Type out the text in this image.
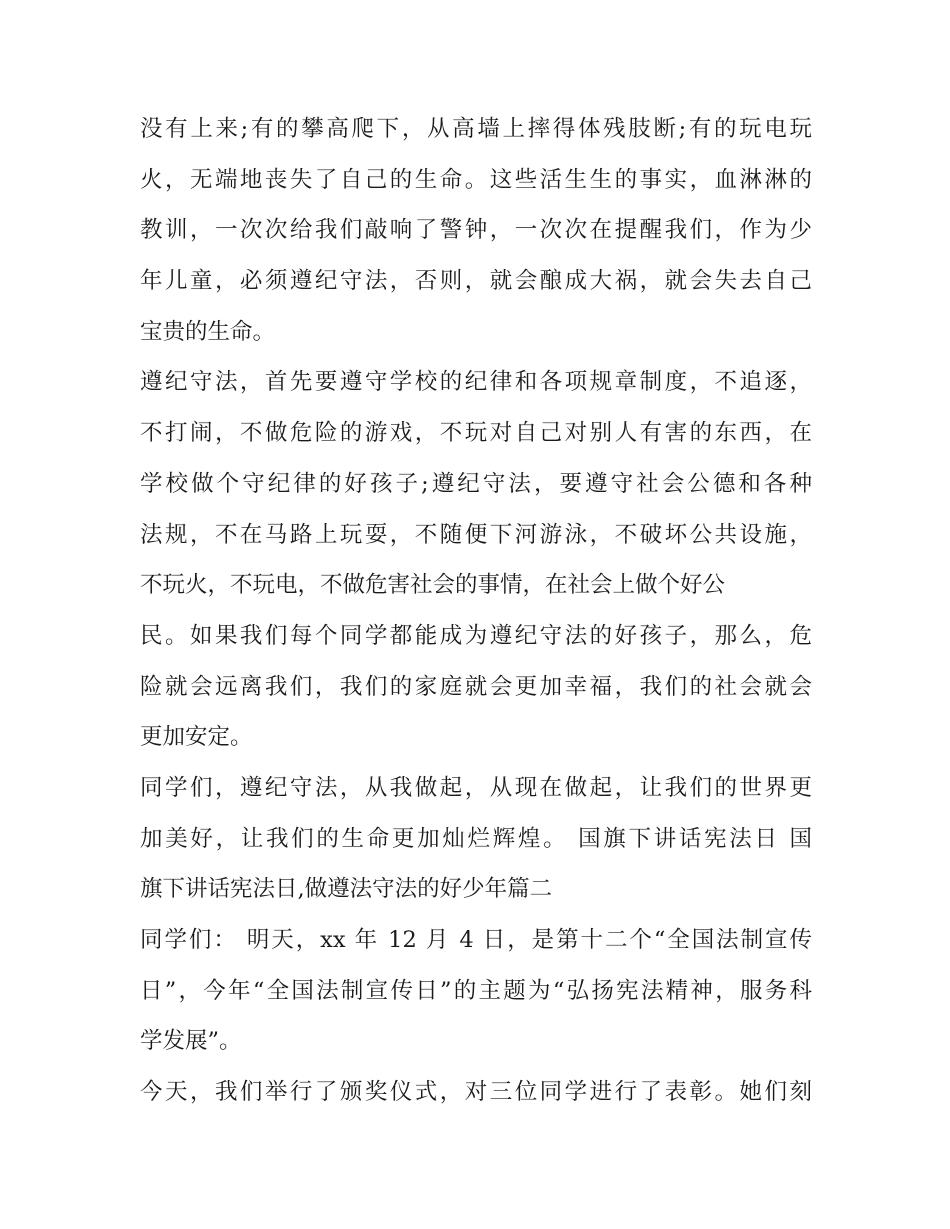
没有上来;有的攀高爬下，从高墙上摔得体残肢断;有的玩电玩
火，无端地丧失了自己的生命。这些活生生的事实，血淋淋的
教训，一次次给我们敲响了警钟，一次次在提醒我们，作为少
年儿童，必须遵纪守法，否则，就会酿成大祸，就会失去自己
宝贵的生命。
遵纪守法，首先要遵守学校的纪律和各项规章制度，不追逐，
不打闹，不做危险的游戏，不玩对自己对别人有害的东西，在
学校做个守纪律的好孩子;遵纪守法，要遵守社会公德和各种
法规，不在马路上玩耍，不随便下河游泳，不破坏公共设施，
不玩火，不玩电，不做危害社会的事情，在社会上做个好公
民。如果我们每个同学都能成为遵纪守法的好孩子，那么，危
险就会远离我们，我们的家庭就会更加幸福，我们的社会就会
更加安定。
同学们，遵纪守法，从我做起，从现在做起，让我们的世界更
加美好，让我们的生命更加灿烂辉煌。 国旗下讲话宪法日 国
旗下讲话宪法日,做遵法守法的好少年篇二
同学们： 明天，xx 年 12 月 4 日，是第十二个“全国法制宣传
日”，今年“全国法制宣传日”的主题为“弘扬宪法精神，服务科
学发展”。
今天，我们举行了颁奖仪式，对三位同学进行了表彰。她们刻
